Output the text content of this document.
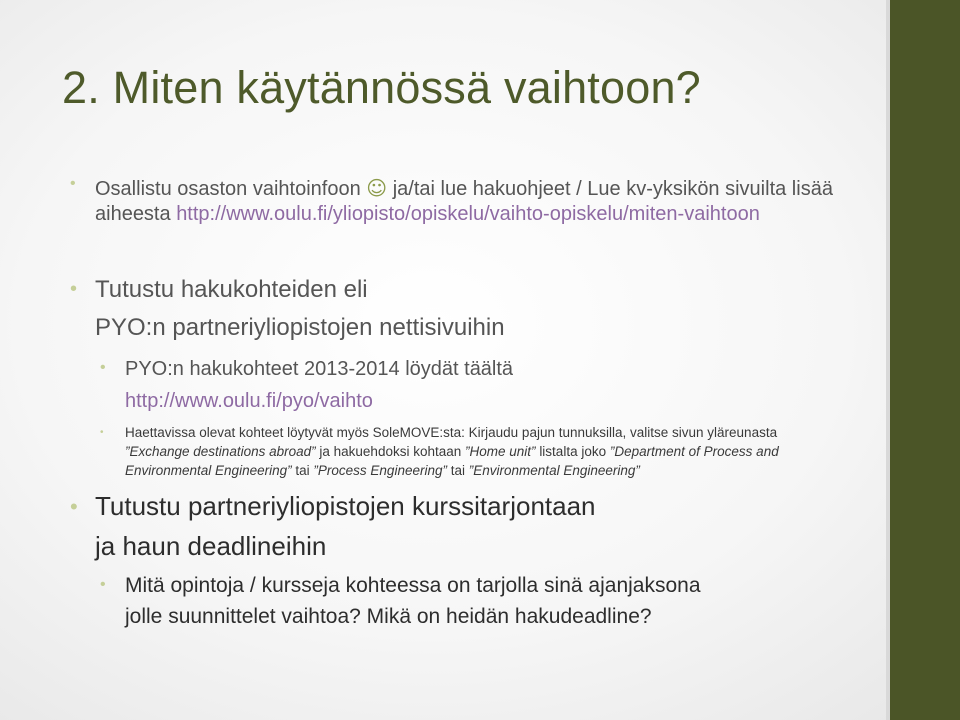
2. Miten käytännössä vaihtoon?
• Osallistu osaston vaihtoinfoon ☺ ja/tai lue hakuohjeet / Lue kv-yksikön sivuilta lisää

aiheesta http://www.oulu.fi/yliopisto/opiskelu/vaihto-opiskelu/miten-vaihtoon

• Tutustu hakukohteiden eli

PYO:n partneriyliopistojen nettisivuihin

• PYO:n hakukohteet 2013-2014 löydät täältä

http://www.oulu.fi/pyo/vaihto

• Haettavissa olevat kohteet löytyvät myös SoleMOVE:sta: Kirjaudu pajun tunnuksilla, valitse sivun yläreunasta

”Exchange destinations abroad” ja hakuehdoksi kohtaan ”Home unit” listalta joko ”Department of Process and

Environmental Engineering” tai ”Process Engineering” tai ”Environmental Engineering”

• Tutustu partneriyliopistojen kurssitarjontaan

ja haun deadlineihin

• Mitä opintoja / kursseja kohteessa on tarjolla sinä ajanjaksona

jolle suunnittelet vaihtoa? Mikä on heidän hakudeadline?
